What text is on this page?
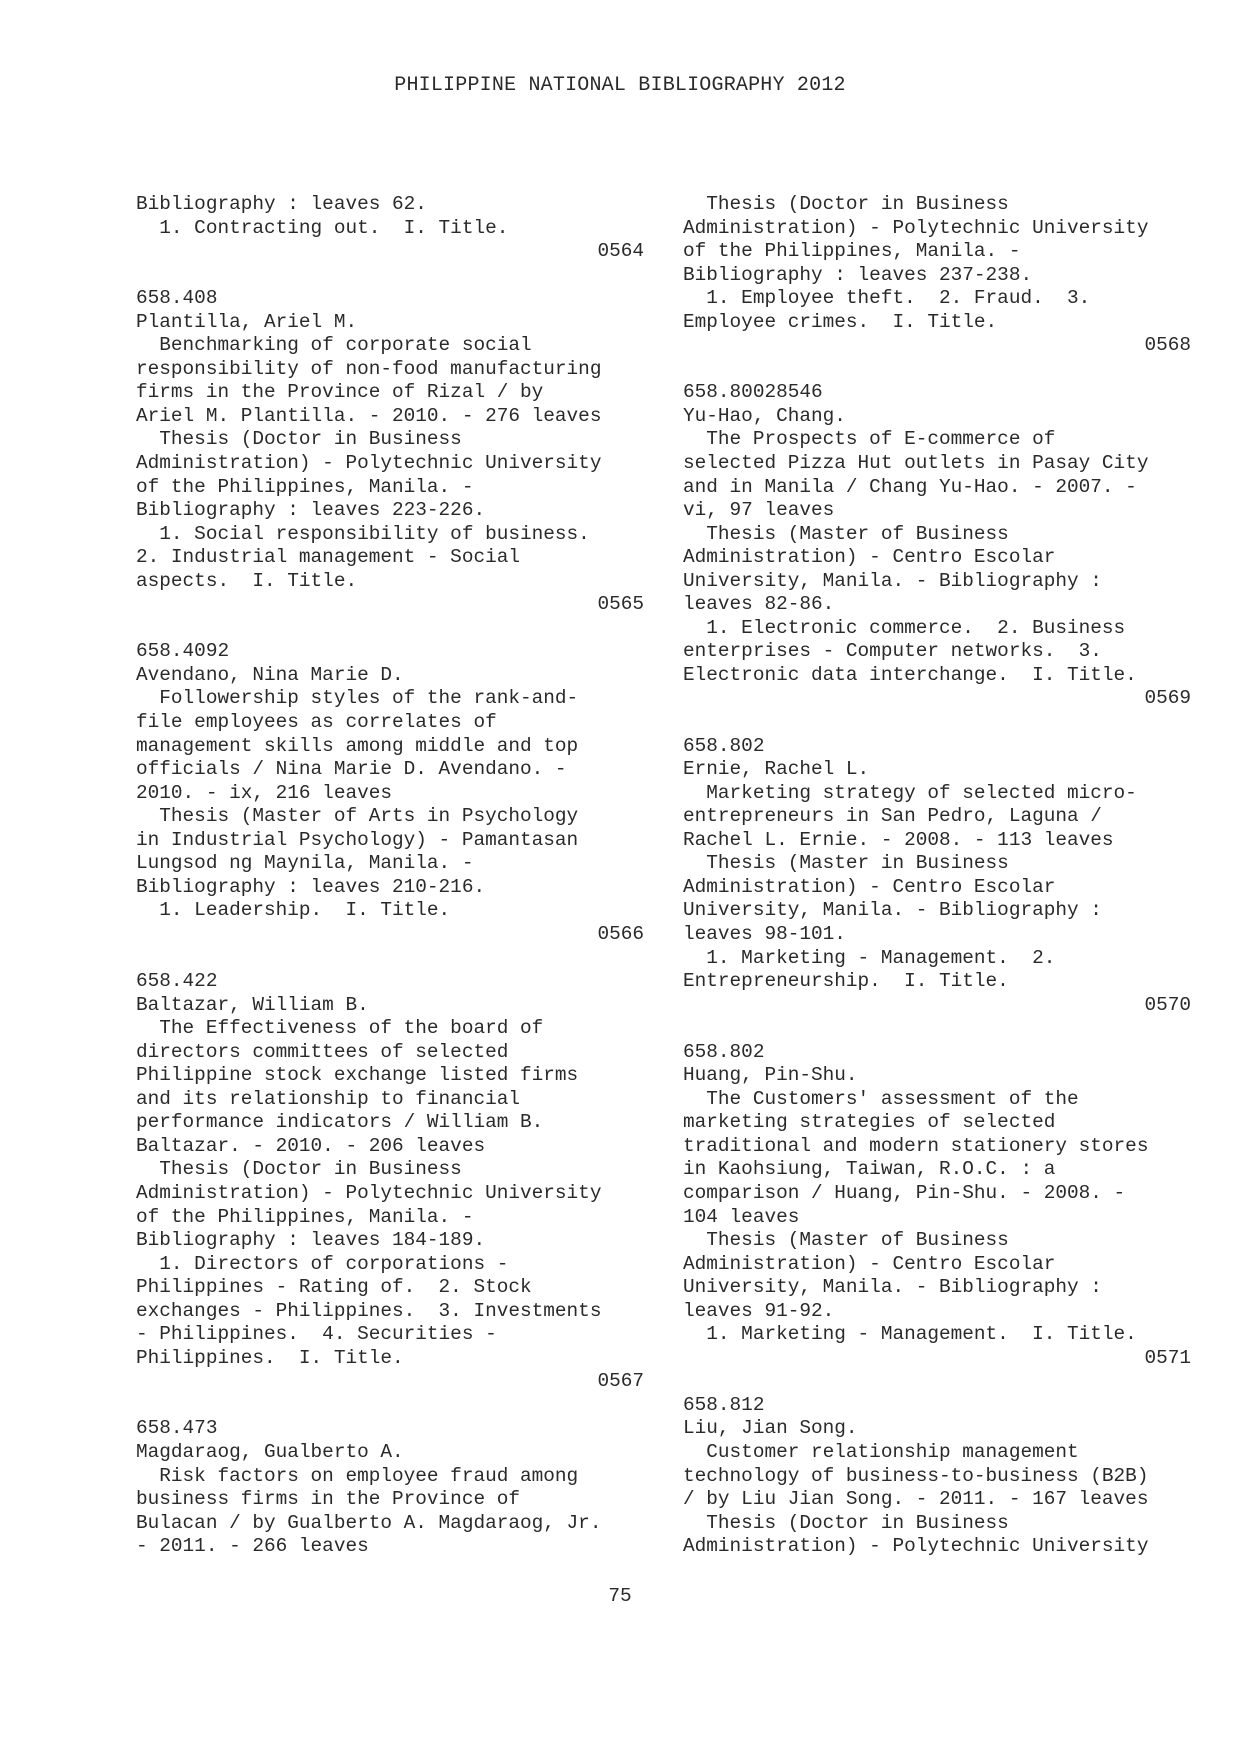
PHILIPPINE NATIONAL BIBLIOGRAPHY 2012
Bibliography : leaves 62.
1. Contracting out.  I. Title.
0564
658.408
Plantilla, Ariel M.
Benchmarking of corporate social
responsibility of non-food manufacturing
firms in the Province of Rizal / by
Ariel M. Plantilla. - 2010. - 276 leaves
Thesis (Doctor in Business
Administration) - Polytechnic University
of the Philippines, Manila. -
Bibliography : leaves 223-226.
1. Social responsibility of business.
2. Industrial management - Social
aspects.  I. Title.
0565
658.4092
Avendano, Nina Marie D.
Followership styles of the rank-and-
file employees as correlates of
management skills among middle and top
officials / Nina Marie D. Avendano. -
2010. - ix, 216 leaves
Thesis (Master of Arts in Psychology
in Industrial Psychology) - Pamantasan
Lungsod ng Maynila, Manila. -
Bibliography : leaves 210-216.
1. Leadership.  I. Title.
0566
658.422
Baltazar, William B.
The Effectiveness of the board of
directors committees of selected
Philippine stock exchange listed firms
and its relationship to financial
performance indicators / William B.
Baltazar. - 2010. - 206 leaves
Thesis (Doctor in Business
Administration) - Polytechnic University
of the Philippines, Manila. -
Bibliography : leaves 184-189.
1. Directors of corporations -
Philippines - Rating of.  2. Stock
exchanges - Philippines.  3. Investments
- Philippines.  4. Securities -
Philippines.  I. Title.
0567
658.473
Magdaraog, Gualberto A.
Risk factors on employee fraud among
business firms in the Province of
Bulacan / by Gualberto A. Magdaraog, Jr.
- 2011. - 266 leaves
Thesis (Doctor in Business
Administration) - Polytechnic University
of the Philippines, Manila. -
Bibliography : leaves 237-238.
1. Employee theft.  2. Fraud.  3.
Employee crimes.  I. Title.
0568
658.80028546
Yu-Hao, Chang.
The Prospects of E-commerce of
selected Pizza Hut outlets in Pasay City
and in Manila / Chang Yu-Hao. - 2007. -
vi, 97 leaves
Thesis (Master of Business
Administration) - Centro Escolar
University, Manila. - Bibliography :
leaves 82-86.
1. Electronic commerce.  2. Business
enterprises - Computer networks.  3.
Electronic data interchange.  I. Title.
0569
658.802
Ernie, Rachel L.
Marketing strategy of selected micro-
entrepreneurs in San Pedro, Laguna /
Rachel L. Ernie. - 2008. - 113 leaves
Thesis (Master in Business
Administration) - Centro Escolar
University, Manila. - Bibliography :
leaves 98-101.
1. Marketing - Management.  2.
Entrepreneurship.  I. Title.
0570
658.802
Huang, Pin-Shu.
The Customers' assessment of the
marketing strategies of selected
traditional and modern stationery stores
in Kaohsiung, Taiwan, R.O.C. : a
comparison / Huang, Pin-Shu. - 2008. -
104 leaves
Thesis (Master of Business
Administration) - Centro Escolar
University, Manila. - Bibliography :
leaves 91-92.
1. Marketing - Management.  I. Title.
0571
658.812
Liu, Jian Song.
Customer relationship management
technology of business-to-business (B2B)
/ by Liu Jian Song. - 2011. - 167 leaves
Thesis (Doctor in Business
Administration) - Polytechnic University
75
